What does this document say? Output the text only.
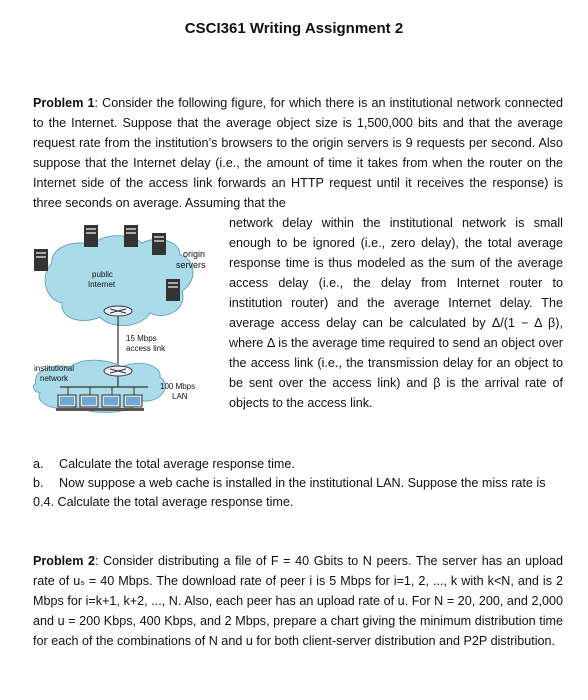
CSCI361 Writing Assignment 2
Problem 1: Consider the following figure, for which there is an institutional network connected to the Internet. Suppose that the average object size is 1,500,000 bits and that the average request rate from the institution’s browsers to the origin servers is 9 requests per second. Also suppose that the Internet delay (i.e., the amount of time it takes from when the router on the Internet side of the access link forwards an HTTP request until it receives the response) is three seconds on average. Assuming that the
network delay within the institutional network is small enough to be ignored (i.e., zero delay), the total average response time is thus modeled as the sum of the average access delay (i.e., the delay from Internet router to institution router) and the average Internet delay. The average access delay can be calculated by Δ/(1 − Δ β), where Δ is the average time required to send an object over the access link (i.e., the transmission delay for an object to be sent over the access link) and β is the arrival rate of objects to the access link.
origin
servers
public
Internet
15 Mbps
access link
institutional
network
100 Mbps
LAN
a. Calculate the total average response time.
b. Now suppose a web cache is installed in the institutional LAN. Suppose the miss rate is 0.4. Calculate the total average response time.
Problem 2: Consider distributing a file of F = 40 Gbits to N peers. The server has an upload rate of uₛ = 40 Mbps. The download rate of peer i is 5 Mbps for i=1, 2, ..., k with k<N, and is 2 Mbps for i=k+1, k+2, ..., N. Also, each peer has an upload rate of u. For N = 20, 200, and 2,000 and u = 200 Kbps, 400 Kbps, and 2 Mbps, prepare a chart giving the minimum distribution time for each of the combinations of N and u for both client-server distribution and P2P distribution.
